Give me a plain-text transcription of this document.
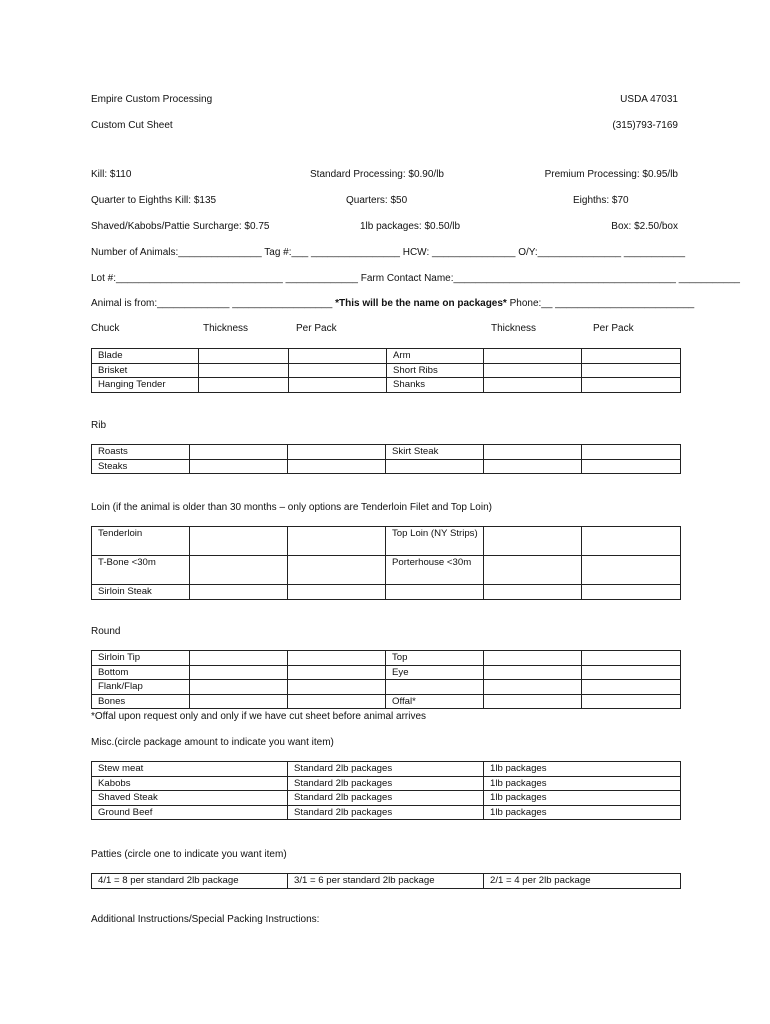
Empire Custom Processing	USDA 47031
Custom Cut Sheet	(315)793-7169
Kill: $110	Standard Processing: $0.90/lb	Premium Processing: $0.95/lb
Quarter to Eighths Kill: $135	Quarters: $50	Eighths: $70
Shaved/Kabobs/Pattie Surcharge: $0.75	1lb packages: $0.50/lb	Box: $2.50/box
Number of Animals:_______________ Tag #:___ ________________ HCW: _______________ O/Y:_______________ ___________
Lot #:______________________________ _____________ Farm Contact Name:________________________________________ ___________
Animal is from:_____________ __________________ *This will be the name on packages* Phone:__ _________________________
Chuck	Thickness	Per Pack	Thickness	Per Pack
Blade			Arm		
Brisket			Short Ribs		
Hanging Tender			Shanks		
Rib
Roasts			Skirt Steak		
Steaks					
Loin (if the animal is older than 30 months – only options are Tenderloin Filet and Top Loin)
Tenderloin			Top Loin (NY Strips)		
T-Bone <30m			Porterhouse <30m		
Sirloin Steak					
Round
Sirloin Tip			Top		
Bottom			Eye		
Flank/Flap					
Bones			Offal*		
*Offal upon request only and only if we have cut sheet before animal arrives
Misc.(circle package amount to indicate you want item)
Stew meat	Standard 2lb packages	1lb packages
Kabobs	Standard 2lb packages	1lb packages
Shaved Steak	Standard 2lb packages	1lb packages
Ground Beef	Standard 2lb packages	1lb packages
Patties (circle one to indicate you want item)
4/1 = 8 per standard 2lb package	3/1 = 6 per standard 2lb package	2/1 = 4 per 2lb package
Additional Instructions/Special Packing Instructions:
